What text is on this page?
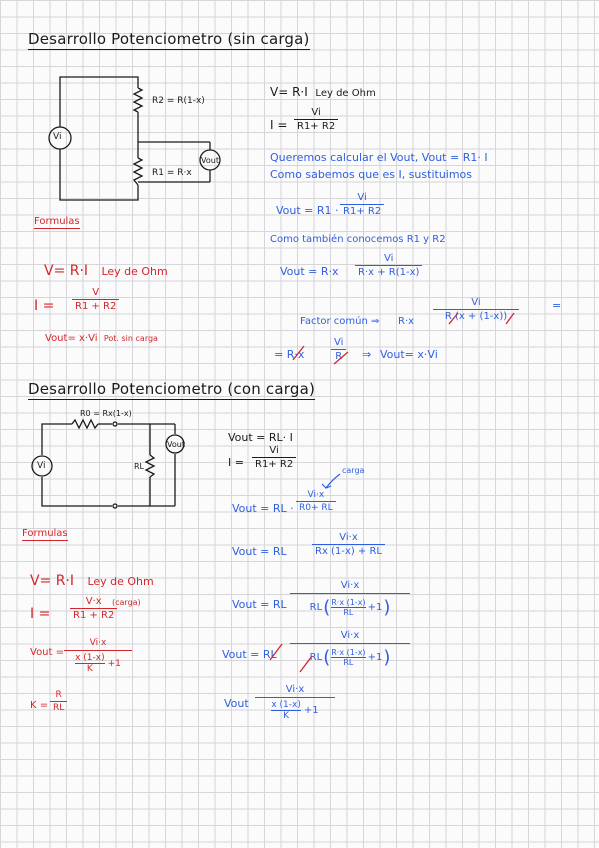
Desarrollo Potenciometro (sin carga)
Vi
Vout
R2 = R(1-x)
R1 = R·x
V= R·I Ley de Ohm
$I = \frac{Vi}{R1+ R2}$
Queremos calcular el Vout, Vout = R1· I
Como sabemos que es I, sustituimos
Vout = $R1 \cdot \frac{Vi}{R1+ R2}$
Como también conocemos R1 y R2
Vout = $R\cdot x \frac{Vi}{R\cdot x + R(1-x)}$
Factor común ⇒ $R\cdot x \frac{Vi}{R (x + (1-x))}$	=
= R·x	$\frac{Vi}{R}$ ⇒ Vout= x·Vi
Formulas
V= R·I Ley de Ohm
$I = \frac{V}{R1 + R2}$
Vout= x·Vi Pot. sin carga
Desarrollo Potenciometro (con carga)
Vi
Vout
R0 = Rx(1-x)
RL
Vout = RL· I
$I = \frac{Vi}{R1+ R2}$
carga
Vout = RL · $\frac{Vi\cdot x}{R0+ RL}$
Vout = RL	$\frac{Vi\cdot x}{Rx (1-x) + RL}$
Vout = RL
Vi·x
RL ( R·x (1-x)
RL	+1 )
Vout = RL
Vi·x
RL ( R·x (1-x)
RL	+1 )
Vout
Vi·x
x (1-x)
K	+1
Formulas
V= R·I Ley de Ohm
$I = \frac{V\cdot x}{R1 + R2}$
(carga)
Vout =
Vi·x
x (1-x)
K
+1
$K = \frac{R}{RL}$
